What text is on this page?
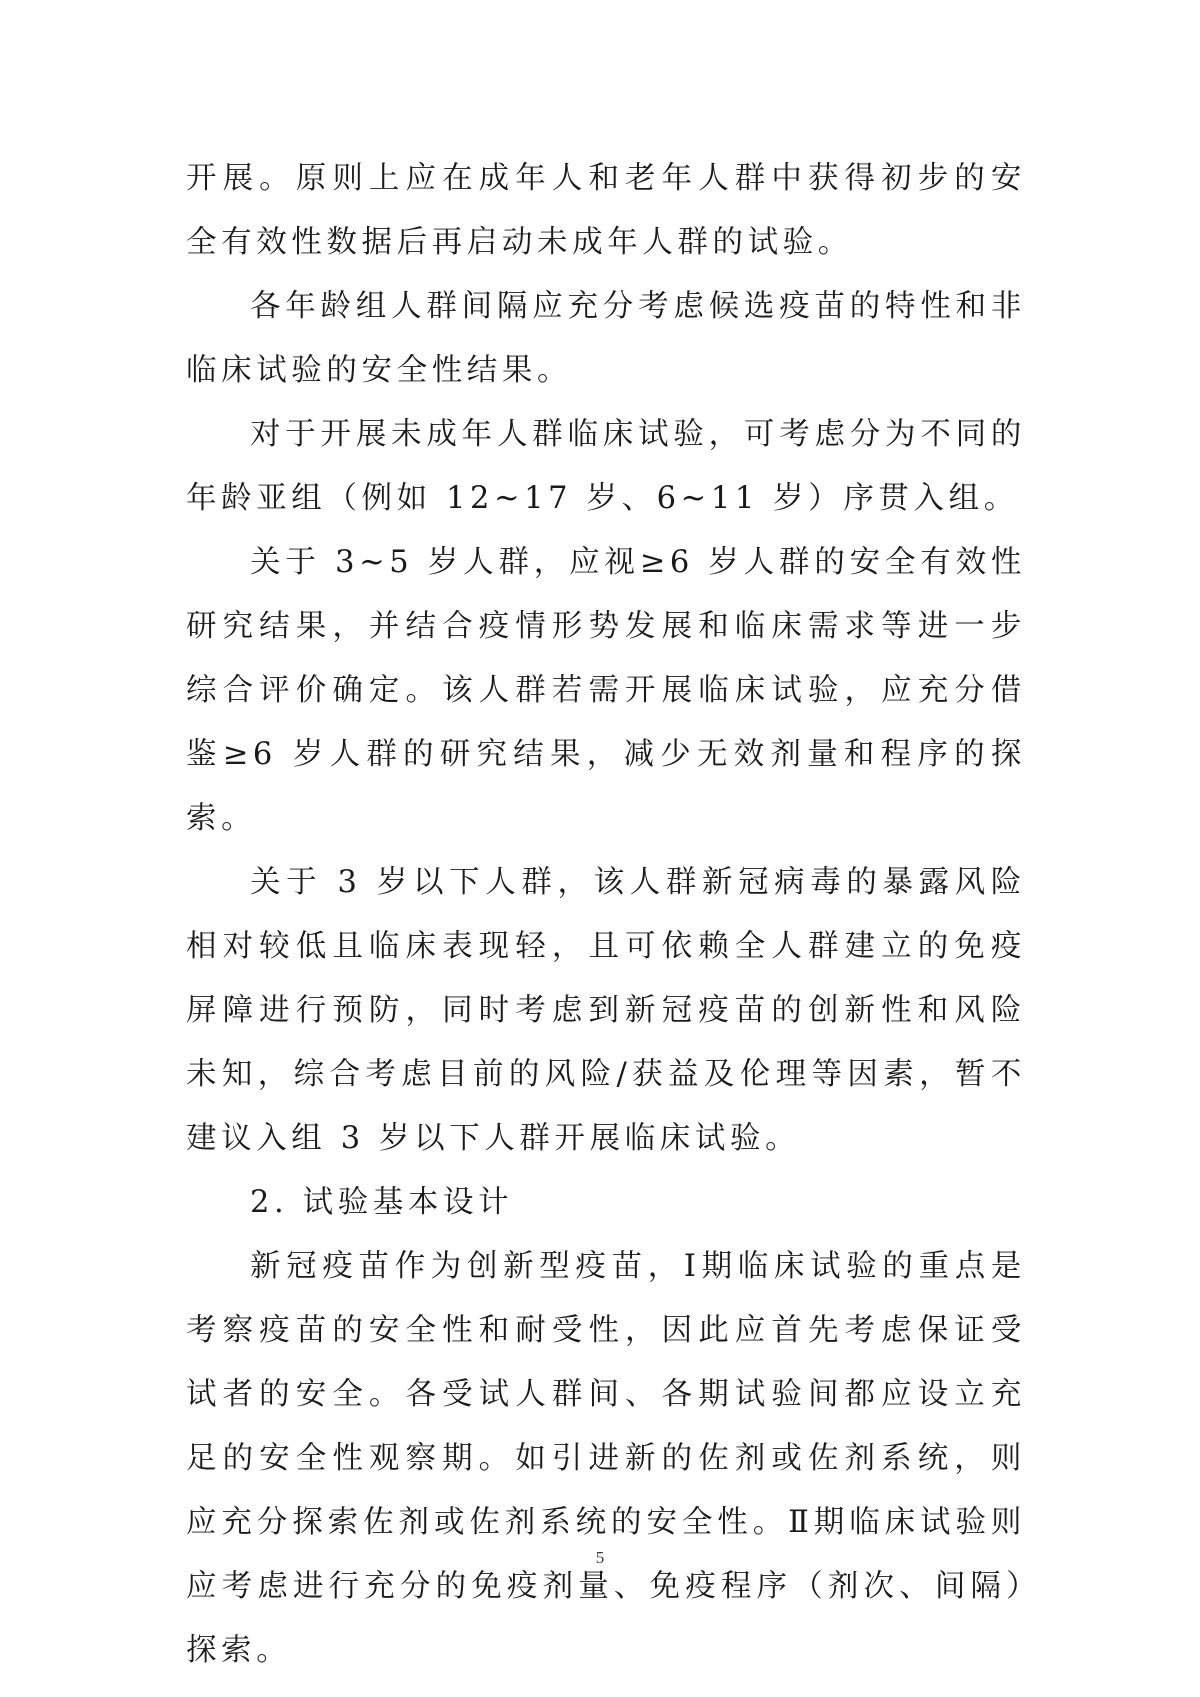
开展。原则上应在成年人和老年人群中获得初步的安全有效性数据后再启动未成年人群的试验。

各年龄组人群间隔应充分考虑候选疫苗的特性和非临床试验的安全性结果。

对于开展未成年人群临床试验，可考虑分为不同的年龄亚组（例如 12~17 岁、6~11 岁）序贯入组。

关于 3~5 岁人群，应视≥6 岁人群的安全有效性研究结果，并结合疫情形势发展和临床需求等进一步综合评价确定。该人群若需开展临床试验，应充分借鉴≥6 岁人群的研究结果，减少无效剂量和程序的探索。

关于 3 岁以下人群，该人群新冠病毒的暴露风险相对较低且临床表现轻，且可依赖全人群建立的免疫屏障进行预防，同时考虑到新冠疫苗的创新性和风险未知，综合考虑目前的风险/获益及伦理等因素，暂不建议入组 3 岁以下人群开展临床试验。

2. 试验基本设计

新冠疫苗作为创新型疫苗，Ⅰ期临床试验的重点是考察疫苗的安全性和耐受性，因此应首先考虑保证受试者的安全。各受试人群间、各期试验间都应设立充足的安全性观察期。如引进新的佐剂或佐剂系统，则应充分探索佐剂或佐剂系统的安全性。Ⅱ期临床试验则应考虑进行充分的免疫剂量、免疫程序（剂次、间隔）探索。

5
